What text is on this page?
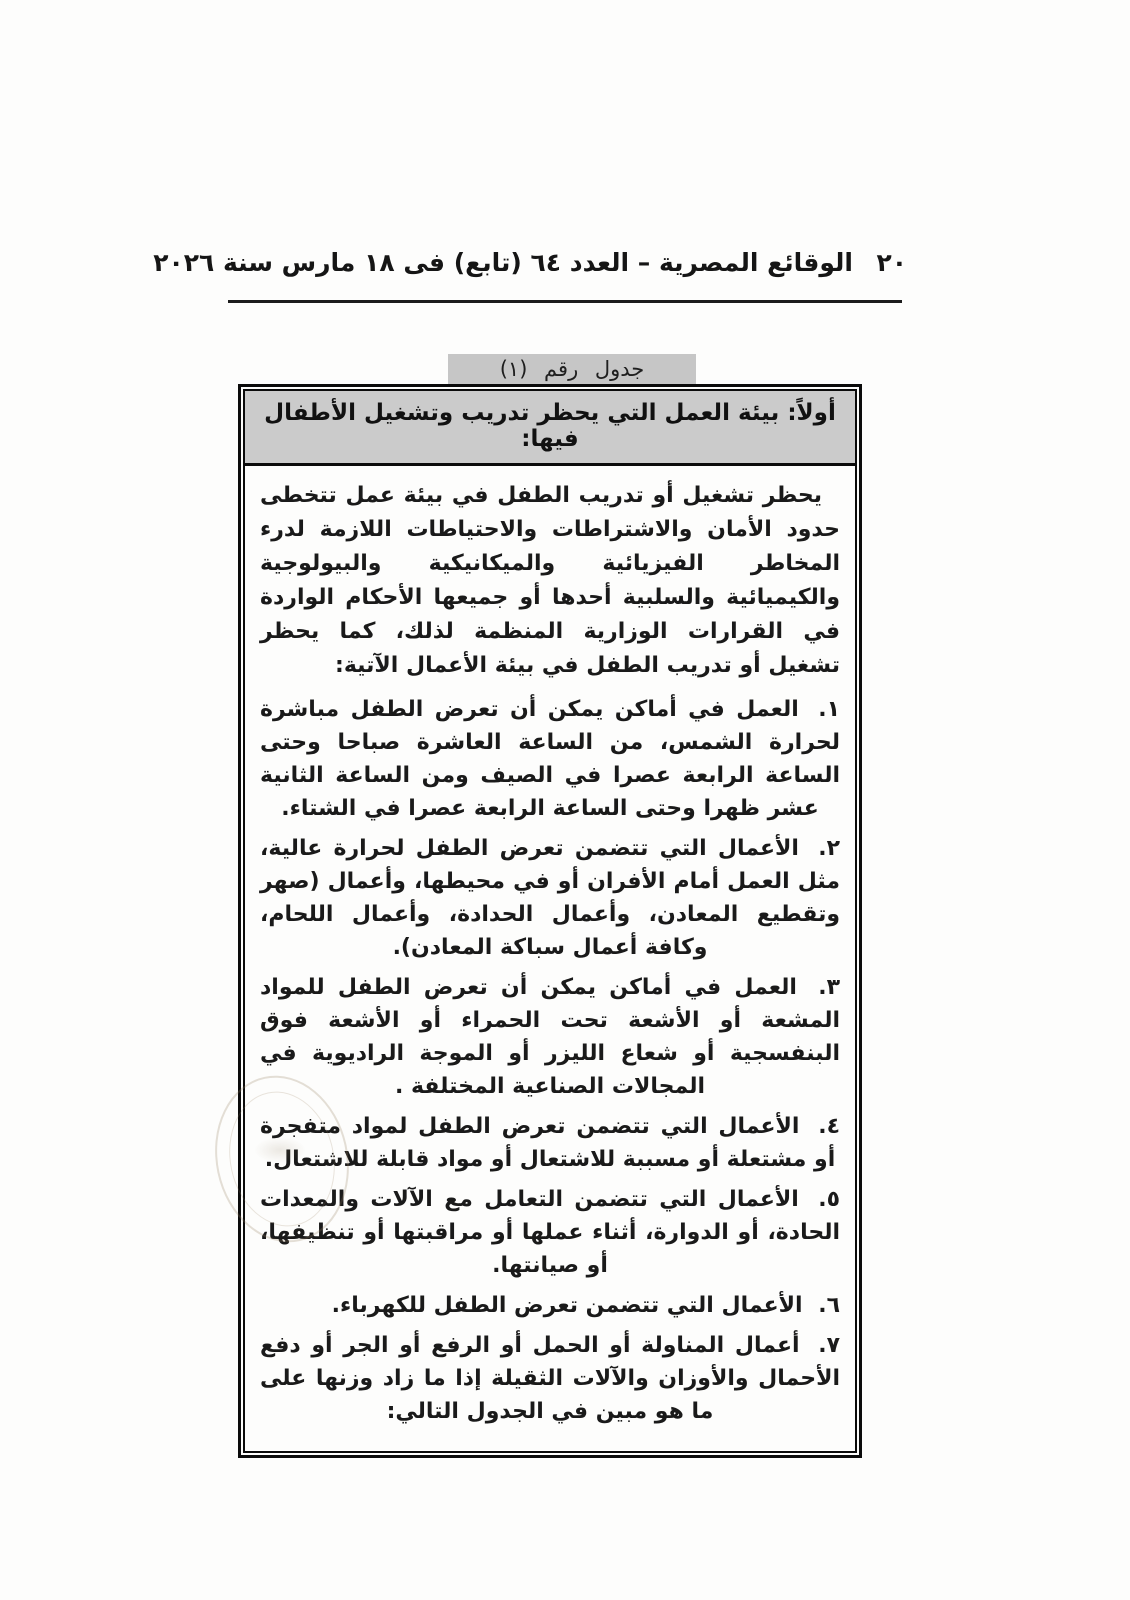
الوقائع المصرية – العدد ٦٤ (تابع) فى ١٨ مارس سنة ٢٠٢٦ ٢٠
جدول رقم (١)
أولاً: بيئة العمل التي يحظر تدريب وتشغيل الأطفال فيها:

يحظر تشغيل أو تدريب الطفل في بيئة عمل تتخطى حدود الأمان والاشتراطات والاحتياطات اللازمة لدرء المخاطر الفيزيائية والميكانيكية والبيولوجية والكيميائية والسلبية أحدها أو جميعها الأحكام الواردة في القرارات الوزارية المنظمة لذلك، كما يحظر تشغيل أو تدريب الطفل في بيئة الأعمال الآتية:

١. العمل في أماكن يمكن أن تعرض الطفل مباشرة لحرارة الشمس، من الساعة العاشرة صباحا وحتى الساعة الرابعة عصرا في الصيف ومن الساعة الثانية عشر ظهرا وحتى الساعة الرابعة عصرا في الشتاء.
٢. الأعمال التي تتضمن تعرض الطفل لحرارة عالية، مثل العمل أمام الأفران أو في محيطها، وأعمال (صهر وتقطيع المعادن، وأعمال الحدادة، وأعمال اللحام، وكافة أعمال سباكة المعادن).
٣. العمل في أماكن يمكن أن تعرض الطفل للمواد المشعة أو الأشعة تحت الحمراء أو الأشعة فوق البنفسجية أو شعاع الليزر أو الموجة الراديوية في المجالات الصناعية المختلفة .
٤. الأعمال التي تتضمن تعرض الطفل لمواد متفجرة أو مشتعلة أو مسببة للاشتعال أو مواد قابلة للاشتعال.
٥. الأعمال التي تتضمن التعامل مع الآلات والمعدات الحادة، أو الدوارة، أثناء عملها أو مراقبتها أو تنظيفها، أو صيانتها.
٦. الأعمال التي تتضمن تعرض الطفل للكهرباء.
٧. أعمال المناولة أو الحمل أو الرفع أو الجر أو دفع الأحمال والأوزان والآلات الثقيلة إذا ما زاد وزنها على ما هو مبين في الجدول التالي:
